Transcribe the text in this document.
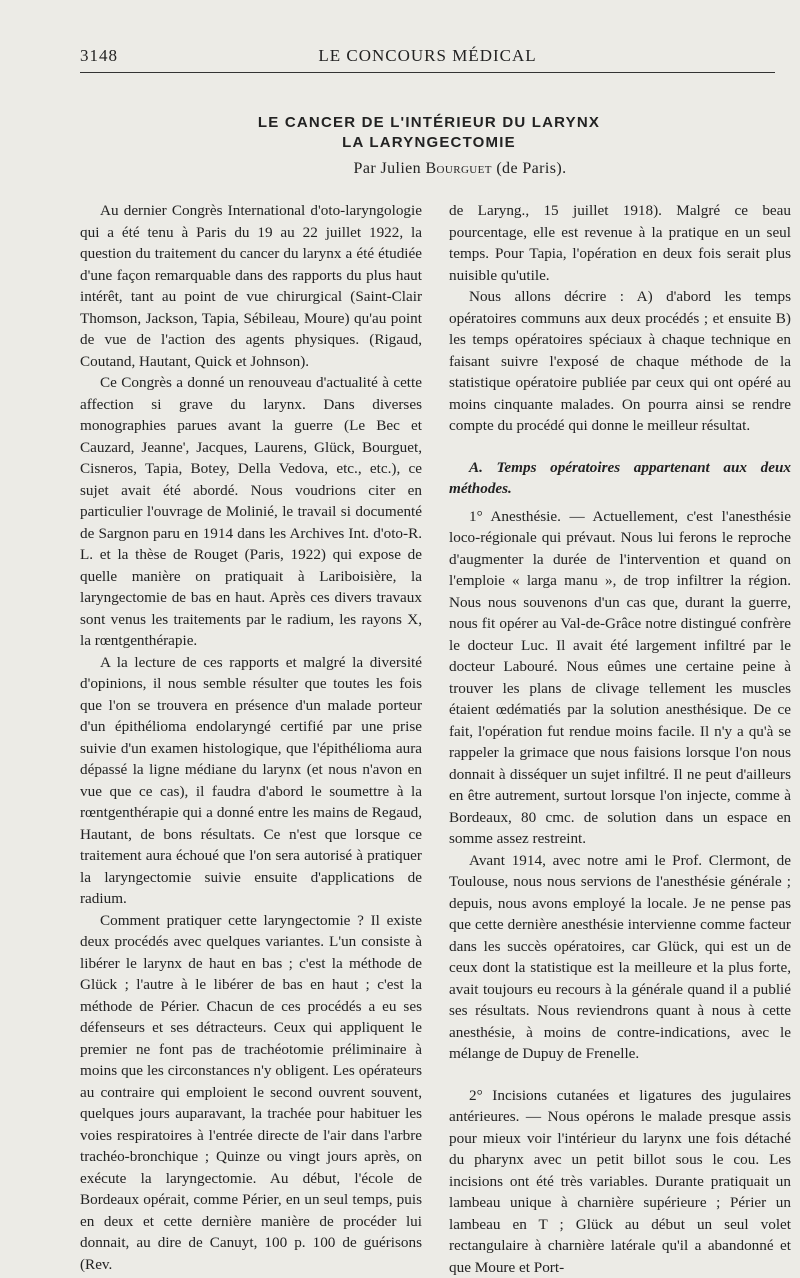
3148	LE CONCOURS MÉDICAL
LE CANCER DE L'INTÉRIEUR DU LARYNX
LA LARYNGECTOMIE
Par Julien Bourguet (de Paris).

Au dernier Congrès International d'oto-laryngologie qui a été tenu à Paris du 19 au 22 juillet 1922, la question du traitement du cancer du larynx a été étudiée d'une façon remarquable dans des rapports du plus haut intérêt, tant au point de vue chirurgical (Saint-Clair Thomson, Jackson, Tapia, Sébileau, Moure) qu'au point de vue de l'action des agents physiques. (Rigaud, Coutand, Hautant, Quick et Johnson).

Ce Congrès a donné un renouveau d'actualité à cette affection si grave du larynx. Dans diverses monographies parues avant la guerre (Le Bec et Cauzard, Jeanne', Jacques, Laurens, Glück, Bourguet, Cisneros, Tapia, Botey, Della Vedova, etc., etc.), ce sujet avait été abordé. Nous voudrions citer en particulier l'ouvrage de Molinié, le travail si documenté de Sargnon paru en 1914 dans les Archives Int. d'oto-R. L. et la thèse de Rouget (Paris, 1922) qui expose de quelle manière on pratiquait à Lariboisière, la laryngectomie de bas en haut. Après ces divers travaux sont venus les traitements par le radium, les rayons X, la rœntgenthérapie.

A la lecture de ces rapports et malgré la diversité d'opinions, il nous semble résulter que toutes les fois que l'on se trouvera en présence d'un malade porteur d'un épithélioma endolaryngé certifié par une prise suivie d'un examen histologique, que l'épithélioma aura dépassé la ligne médiane du larynx (et nous n'avon en vue que ce cas), il faudra d'abord le soumettre à la rœntgenthérapie qui a donné entre les mains de Regaud, Hautant, de bons résultats. Ce n'est que lorsque ce traitement aura échoué que l'on sera autorisé à pratiquer la laryngectomie suivie ensuite d'applications de radium.

Comment pratiquer cette laryngectomie ? Il existe deux procédés avec quelques variantes. L'un consiste à libérer le larynx de haut en bas ; c'est la méthode de Glück ; l'autre à le libérer de bas en haut ; c'est la méthode de Périer. Chacun de ces procédés a eu ses défenseurs et ses détracteurs. Ceux qui appliquent le premier ne font pas de trachéotomie préliminaire à moins que les circonstances n'y obligent. Les opérateurs au contraire qui emploient le second ouvrent souvent, quelques jours auparavant, la trachée pour habituer les voies respiratoires à l'entrée directe de l'air dans l'arbre trachéo-bronchique ; Quinze ou vingt jours après, on exécute la laryngectomie. Au début, l'école de Bordeaux opérait, comme Périer, en un seul temps, puis en deux et cette dernière manière de procéder lui donnait, au dire de Canuyt, 100 p. 100 de guérisons (Rev.

de Laryng., 15 juillet 1918). Malgré ce beau pourcentage, elle est revenue à la pratique en un seul temps. Pour Tapia, l'opération en deux fois serait plus nuisible qu'utile.

Nous allons décrire : A) d'abord les temps opératoires communs aux deux procédés ; et ensuite B) les temps opératoires spéciaux à chaque technique en faisant suivre l'exposé de chaque méthode de la statistique opératoire publiée par ceux qui ont opéré au moins cinquante malades. On pourra ainsi se rendre compte du procédé qui donne le meilleur résultat.

A. Temps opératoires appartenant aux deux méthodes.

1° Anesthésie. — Actuellement, c'est l'anesthésie loco-régionale qui prévaut. Nous lui ferons le reproche d'augmenter la durée de l'intervention et quand on l'emploie « larga manu », de trop infiltrer la région. Nous nous souvenons d'un cas que, durant la guerre, nous fit opérer au Val-de-Grâce notre distingué confrère le docteur Luc. Il avait été largement infiltré par le docteur Labouré. Nous eûmes une certaine peine à trouver les plans de clivage tellement les muscles étaient œdématiés par la solution anesthésique. De ce fait, l'opération fut rendue moins facile. Il n'y a qu'à se rappeler la grimace que nous faisions lorsque l'on nous donnait à disséquer un sujet infiltré. Il ne peut d'ailleurs en être autrement, surtout lorsque l'on injecte, comme à Bordeaux, 80 cmc. de solution dans un espace en somme assez restreint.

Avant 1914, avec notre ami le Prof. Clermont, de Toulouse, nous nous servions de l'anesthésie générale ; depuis, nous avons employé la locale. Je ne pense pas que cette dernière anesthésie intervienne comme facteur dans les succès opératoires, car Glück, qui est un de ceux dont la statistique est la meilleure et la plus forte, avait toujours eu recours à la générale quand il a publié ses résultats. Nous reviendrons quant à nous à cette anesthésie, à moins de contre-indications, avec le mélange de Dupuy de Frenelle.

2° Incisions cutanées et ligatures des jugulaires antérieures. — Nous opérons le malade presque assis pour mieux voir l'intérieur du larynx une fois détaché du pharynx avec un petit billot sous le cou. Les incisions ont été très variables. Durante pratiquait un lambeau unique à charnière supérieure ; Périer un lambeau en T ; Glück au début un seul volet rectangulaire à charnière latérale qu'il a abandonné et que Moure et Port-
